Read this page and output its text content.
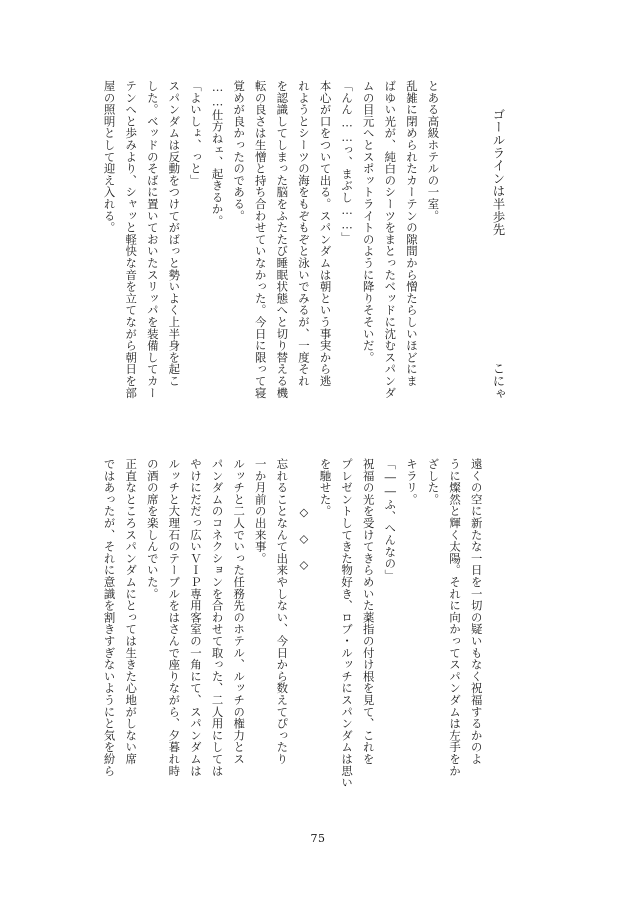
ゴールラインは半歩先

こにゃ

とある高級ホテルの一室。

乱雑に閉められたカーテンの隙間から憎たらしいほどにま

ばゆい光が、純白のシーツをまとったベッドに沈むスパンダ

ムの目元へとスポットライトのように降りそそいだ。

「んん……っ、まぶし……」

本心が口をついて出る。スパンダムは朝という事実から逃

れようとシーツの海をもぞもぞと泳いでみるが、一度それ

を認識してしまった脳をふたたび睡眠状態へと切り替える機

転の良さは生憎と持ち合わせていなかった。今日に限って寝

覚めが良かったのである。

……仕方ねェ、起きるか。

「よいしょ、っと」

スパンダムは反動をつけてがばっと勢いよく上半身を起こ

した。ベッドのそばに置いておいたスリッパを装備してカー

テンへと歩みより、シャッと軽快な音を立てながら朝日を部

屋の照明として迎え入れる。

遠くの空に新たな一日を一切の疑いもなく祝福するかのよ

うに燦然と輝く太陽。それに向かってスパンダムは左手をか

ざした。

キラリ。

「――ふ、へんなの」

祝福の光を受けてきらめいた薬指の付け根を見て、これを

プレゼントしてきた物好き、ロブ・ルッチにスパンダムは思い

を馳せた。

　　　　◇　◇　◇

忘れることなんて出来やしない、今日から数えてぴったり

一か月前の出来事。

ルッチと二人でいった任務先のホテル、ルッチの権力とス

パンダムのコネクションを合わせて取った、二人用にしては

やけにだだっ広いＶＩＰ専用客室の一角にて、スパンダムは

ルッチと大理石のテーブルをはさんで座りながら、夕暮れ時

の酒の席を楽しんでいた。

正直なところスパンダムにとっては生きた心地がしない席

ではあったが、それに意識を割きすぎないようにと気を紛ら

75
